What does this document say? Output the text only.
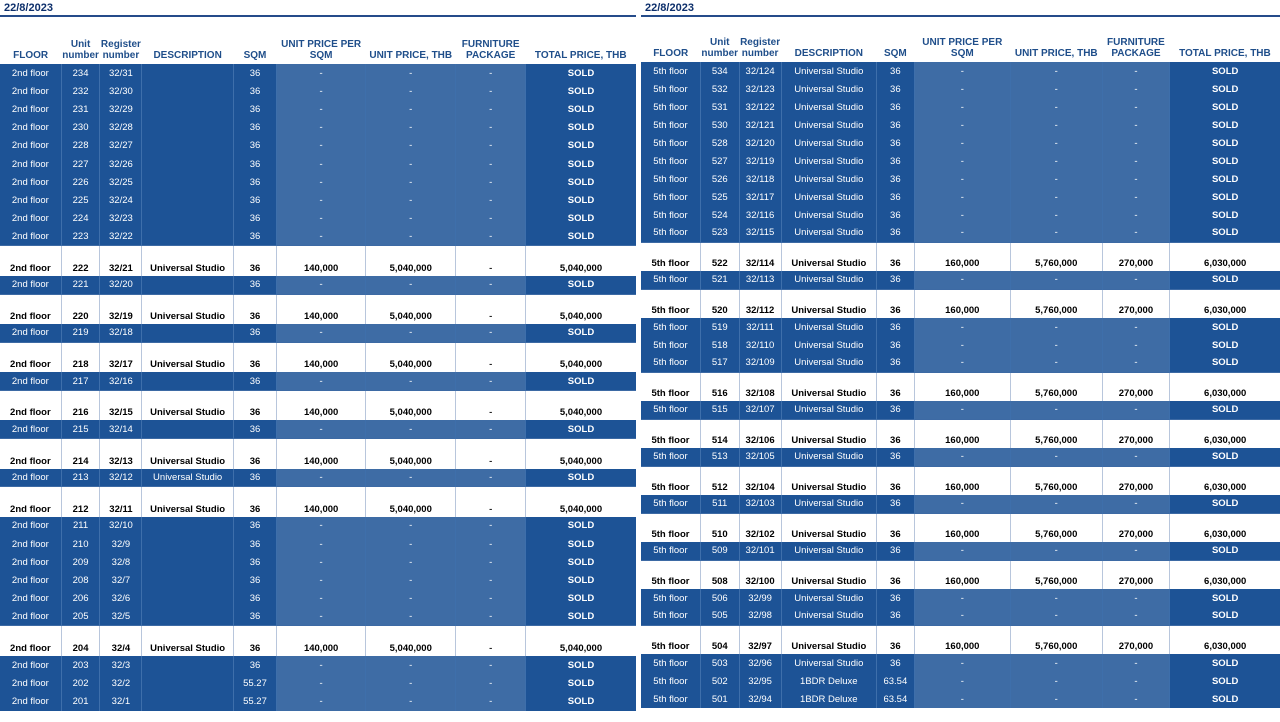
22/8/2023
FLOOR	Unit number	Register number	DESCRIPTION	SQM	UNIT PRICE PER SQM	UNIT PRICE, THB	FURNITURE PACKAGE	TOTAL PRICE, THB
2nd floor	234	32/31		36	-	-	-	SOLD
2nd floor	232	32/30		36	-	-	-	SOLD
2nd floor	231	32/29		36	-	-	-	SOLD
2nd floor	230	32/28		36	-	-	-	SOLD
2nd floor	228	32/27		36	-	-	-	SOLD
2nd floor	227	32/26		36	-	-	-	SOLD
2nd floor	226	32/25		36	-	-	-	SOLD
2nd floor	225	32/24		36	-	-	-	SOLD
2nd floor	224	32/23		36	-	-	-	SOLD
2nd floor	223	32/22		36	-	-	-	SOLD
2nd floor	222	32/21	Universal Studio	36	140,000	5,040,000	-	5,040,000
2nd floor	221	32/20		36	-	-	-	SOLD
2nd floor	220	32/19	Universal Studio	36	140,000	5,040,000	-	5,040,000
2nd floor	219	32/18		36	-	-	-	SOLD
2nd floor	218	32/17	Universal Studio	36	140,000	5,040,000	-	5,040,000
2nd floor	217	32/16		36	-	-	-	SOLD
2nd floor	216	32/15	Universal Studio	36	140,000	5,040,000	-	5,040,000
2nd floor	215	32/14		36	-	-	-	SOLD
2nd floor	214	32/13	Universal Studio	36	140,000	5,040,000	-	5,040,000
2nd floor	213	32/12	Universal Studio	36	-	-	-	SOLD
2nd floor	212	32/11	Universal Studio	36	140,000	5,040,000	-	5,040,000
2nd floor	211	32/10		36	-	-	-	SOLD
2nd floor	210	32/9		36	-	-	-	SOLD
2nd floor	209	32/8		36	-	-	-	SOLD
2nd floor	208	32/7		36	-	-	-	SOLD
2nd floor	206	32/6		36	-	-	-	SOLD
2nd floor	205	32/5		36	-	-	-	SOLD
2nd floor	204	32/4	Universal Studio	36	140,000	5,040,000	-	5,040,000
2nd floor	203	32/3		36	-	-	-	SOLD
2nd floor	202	32/2		55.27	-	-	-	SOLD
2nd floor	201	32/1		55.27	-	-	-	SOLD
22/8/2023
FLOOR	Unit number	Register number	DESCRIPTION	SQM	UNIT PRICE PER SQM	UNIT PRICE, THB	FURNITURE PACKAGE	TOTAL PRICE, THB
5th floor	534	32/124	Universal Studio	36	-	-	-	SOLD
5th floor	532	32/123	Universal Studio	36	-	-	-	SOLD
5th floor	531	32/122	Universal Studio	36	-	-	-	SOLD
5th floor	530	32/121	Universal Studio	36	-	-	-	SOLD
5th floor	528	32/120	Universal Studio	36	-	-	-	SOLD
5th floor	527	32/119	Universal Studio	36	-	-	-	SOLD
5th floor	526	32/118	Universal Studio	36	-	-	-	SOLD
5th floor	525	32/117	Universal Studio	36	-	-	-	SOLD
5th floor	524	32/116	Universal Studio	36	-	-	-	SOLD
5th floor	523	32/115	Universal Studio	36	-	-	-	SOLD
5th floor	522	32/114	Universal Studio	36	160,000	5,760,000	270,000	6,030,000
5th floor	521	32/113	Universal Studio	36	-	-	-	SOLD
5th floor	520	32/112	Universal Studio	36	160,000	5,760,000	270,000	6,030,000
5th floor	519	32/111	Universal Studio	36	-	-	-	SOLD
5th floor	518	32/110	Universal Studio	36	-	-	-	SOLD
5th floor	517	32/109	Universal Studio	36	-	-	-	SOLD
5th floor	516	32/108	Universal Studio	36	160,000	5,760,000	270,000	6,030,000
5th floor	515	32/107	Universal Studio	36	-	-	-	SOLD
5th floor	514	32/106	Universal Studio	36	160,000	5,760,000	270,000	6,030,000
5th floor	513	32/105	Universal Studio	36	-	-	-	SOLD
5th floor	512	32/104	Universal Studio	36	160,000	5,760,000	270,000	6,030,000
5th floor	511	32/103	Universal Studio	36	-	-	-	SOLD
5th floor	510	32/102	Universal Studio	36	160,000	5,760,000	270,000	6,030,000
5th floor	509	32/101	Universal Studio	36	-	-	-	SOLD
5th floor	508	32/100	Universal Studio	36	160,000	5,760,000	270,000	6,030,000
5th floor	506	32/99	Universal Studio	36	-	-	-	SOLD
5th floor	505	32/98	Universal Studio	36	-	-	-	SOLD
5th floor	504	32/97	Universal Studio	36	160,000	5,760,000	270,000	6,030,000
5th floor	503	32/96	Universal Studio	36	-	-	-	SOLD
5th floor	502	32/95	1BDR Deluxe	63.54	-	-	-	SOLD
5th floor	501	32/94	1BDR Deluxe	63.54	-	-	-	SOLD
